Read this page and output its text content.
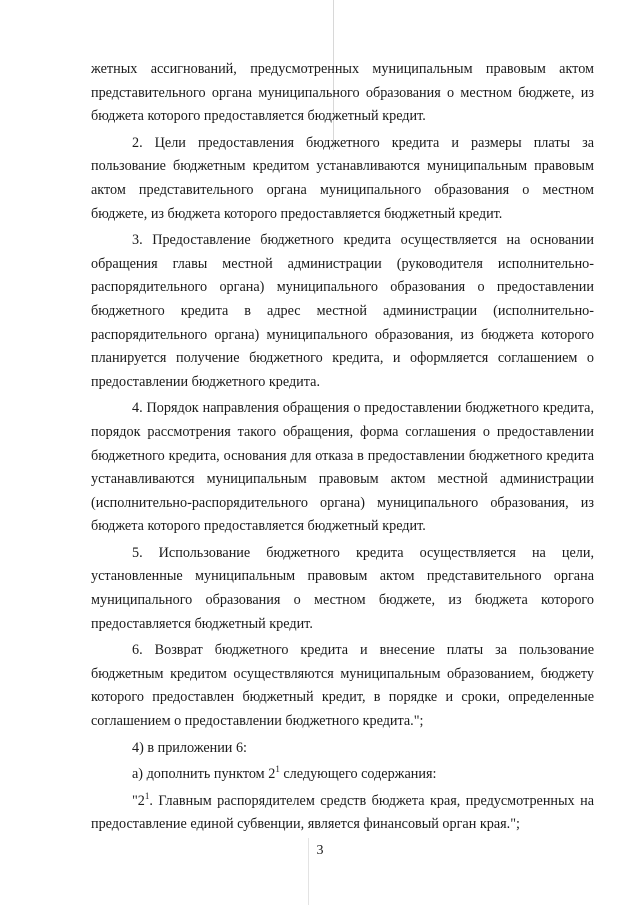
жетных ассигнований, предусмотренных муниципальным правовым актом представительного органа муниципального образования о местном бюджете, из бюджета которого предоставляется бюджетный кредит.

2. Цели предоставления бюджетного кредита и размеры платы за пользование бюджетным кредитом устанавливаются муниципальным правовым актом представительного органа муниципального образования о местном бюджете, из бюджета которого предоставляется бюджетный кредит.

3. Предоставление бюджетного кредита осуществляется на основании обращения главы местной администрации (руководителя исполнительно-распорядительного органа) муниципального образования о предоставлении бюджетного кредита в адрес местной администрации (исполнительно-распорядительного органа) муниципального образования, из бюджета которого планируется получение бюджетного кредита, и оформляется соглашением о предоставлении бюджетного кредита.

4. Порядок направления обращения о предоставлении бюджетного кредита, порядок рассмотрения такого обращения, форма соглашения о предоставлении бюджетного кредита, основания для отказа в предоставлении бюджетного кредита устанавливаются муниципальным правовым актом местной администрации (исполнительно-распорядительного органа) муниципального образования, из бюджета которого предоставляется бюджетный кредит.

5. Использование бюджетного кредита осуществляется на цели, установленные муниципальным правовым актом представительного органа муниципального образования о местном бюджете, из бюджета которого предоставляется бюджетный кредит.

6. Возврат бюджетного кредита и внесение платы за пользование бюджетным кредитом осуществляются муниципальным образованием, бюджету которого предоставлен бюджетный кредит, в порядке и сроки, определенные соглашением о предоставлении бюджетного кредита.";

4) в приложении 6:

а) дополнить пунктом $2^1$ следующего содержания:

"$2^1$. Главным распорядителем средств бюджета края, предусмотренных на предоставление единой субвенции, является финансовый орган края.";

3
